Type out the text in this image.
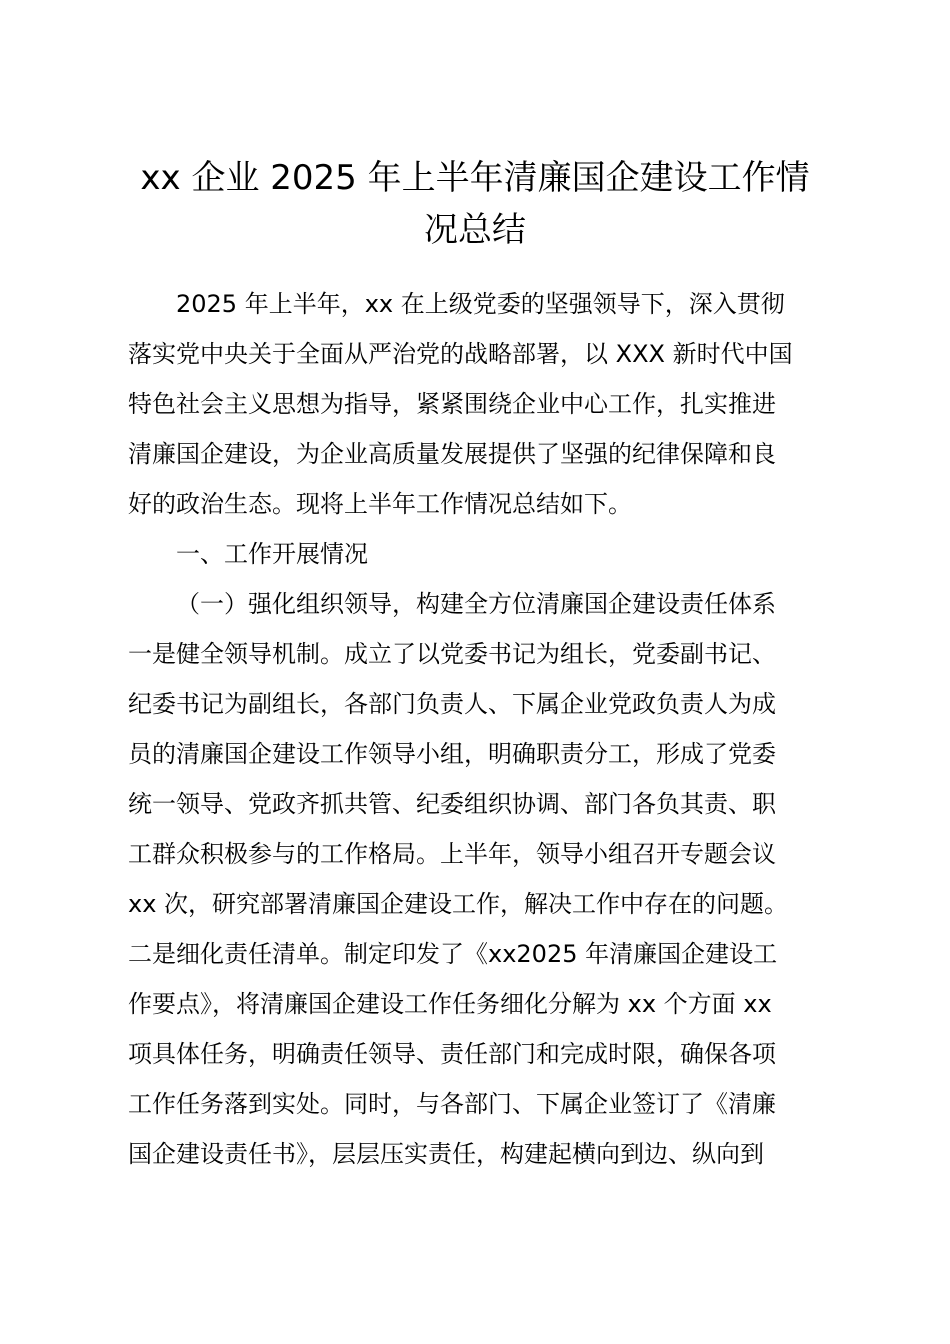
xx 企业 2025 年上半年清廉国企建设工作情
况总结

2025 年上半年，xx 在上级党委的坚强领导下，深入贯彻

落实党中央关于全面从严治党的战略部署，以 XXX 新时代中国

特色社会主义思想为指导，紧紧围绕企业中心工作，扎实推进

清廉国企建设，为企业高质量发展提供了坚强的纪律保障和良

好的政治生态。现将上半年工作情况总结如下。

一、工作开展情况

（一）强化组织领导，构建全方位清廉国企建设责任体系

一是健全领导机制。成立了以党委书记为组长，党委副书记、

纪委书记为副组长，各部门负责人、下属企业党政负责人为成

员的清廉国企建设工作领导小组，明确职责分工，形成了党委

统一领导、党政齐抓共管、纪委组织协调、部门各负其责、职

工群众积极参与的工作格局。上半年，领导小组召开专题会议

xx 次，研究部署清廉国企建设工作，解决工作中存在的问题。

二是细化责任清单。制定印发了《xx2025 年清廉国企建设工

作要点》，将清廉国企建设工作任务细化分解为 xx 个方面 xx

项具体任务，明确责任领导、责任部门和完成时限，确保各项

工作任务落到实处。同时，与各部门、下属企业签订了《清廉

国企建设责任书》，层层压实责任，构建起横向到边、纵向到
